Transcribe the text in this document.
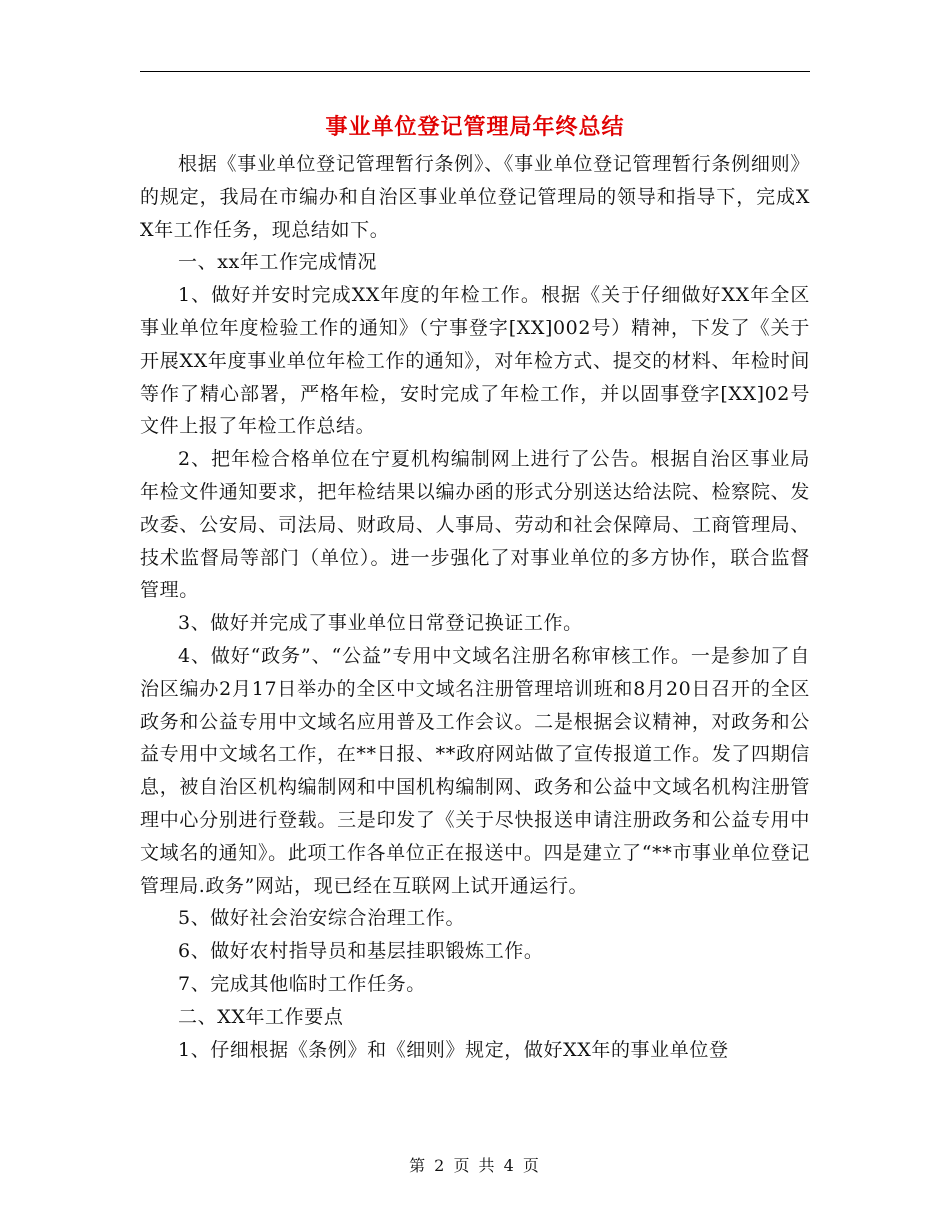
事业单位登记管理局年终总结

根据《事业单位登记管理暂行条例》、《事业单位登记管理暂行条例细则》的规定，我局在市编办和自治区事业单位登记管理局的领导和指导下，完成XX年工作任务，现总结如下。

一、xx年工作完成情况

1、做好并安时完成XX年度的年检工作。根据《关于仔细做好XX年全区事业单位年度检验工作的通知》（宁事登字[XX]002号）精神，下发了《关于开展XX年度事业单位年检工作的通知》，对年检方式、提交的材料、年检时间等作了精心部署，严格年检，安时完成了年检工作，并以固事登字[XX]02号文件上报了年检工作总结。

2、把年检合格单位在宁夏机构编制网上进行了公告。根据自治区事业局年检文件通知要求，把年检结果以编办函的形式分别送达给法院、检察院、发改委、公安局、司法局、财政局、人事局、劳动和社会保障局、工商管理局、技术监督局等部门（单位）。进一步强化了对事业单位的多方协作，联合监督管理。

3、做好并完成了事业单位日常登记换证工作。

4、做好“政务”、“公益”专用中文域名注册名称审核工作。一是参加了自治区编办2月17日举办的全区中文域名注册管理培训班和8月20日召开的全区政务和公益专用中文域名应用普及工作会议。二是根据会议精神，对政务和公益专用中文域名工作，在**日报、**政府网站做了宣传报道工作。发了四期信息，被自治区机构编制网和中国机构编制网、政务和公益中文域名机构注册管理中心分别进行登载。三是印发了《关于尽快报送申请注册政务和公益专用中文域名的通知》。此项工作各单位正在报送中。四是建立了“**市事业单位登记管理局.政务”网站，现已经在互联网上试开通运行。

5、做好社会治安综合治理工作。

6、做好农村指导员和基层挂职锻炼工作。

7、完成其他临时工作任务。

二、XX年工作要点

1、仔细根据《条例》和《细则》规定，做好XX年的事业单位登

第 2 页 共 4 页
